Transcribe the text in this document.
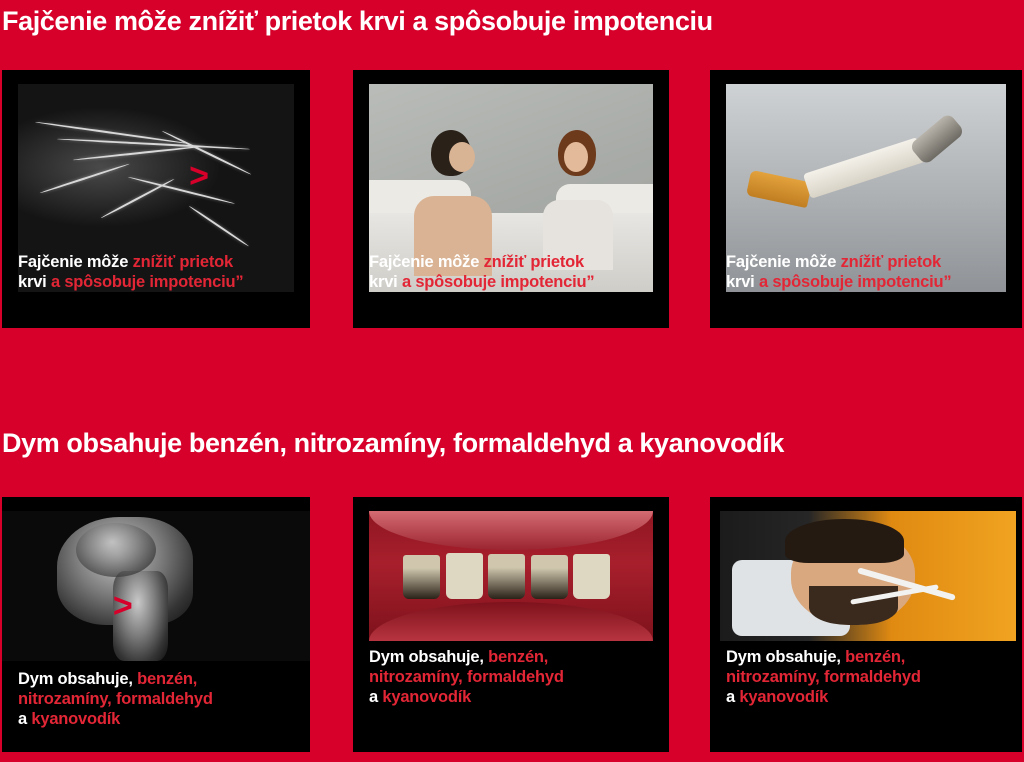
Fajčenie môže znížiť prietok krvi a spôsobuje impotenciu
>
Fajčenie môže znížiť prietok
krvi a spôsobuje impotenciu”
Fajčenie môže znížiť prietok
krvi a spôsobuje impotenciu”
Fajčenie môže znížiť prietok
krvi a spôsobuje impotenciu”
Dym obsahuje benzén, nitrozamíny, formaldehyd a kyanovodík
>
Dym obsahuje, benzén,
nitrozamíny, formaldehyd
a kyanovodík
Dym obsahuje, benzén,
nitrozamíny, formaldehyd
a kyanovodík
Dym obsahuje, benzén,
nitrozamíny, formaldehyd
a kyanovodík
